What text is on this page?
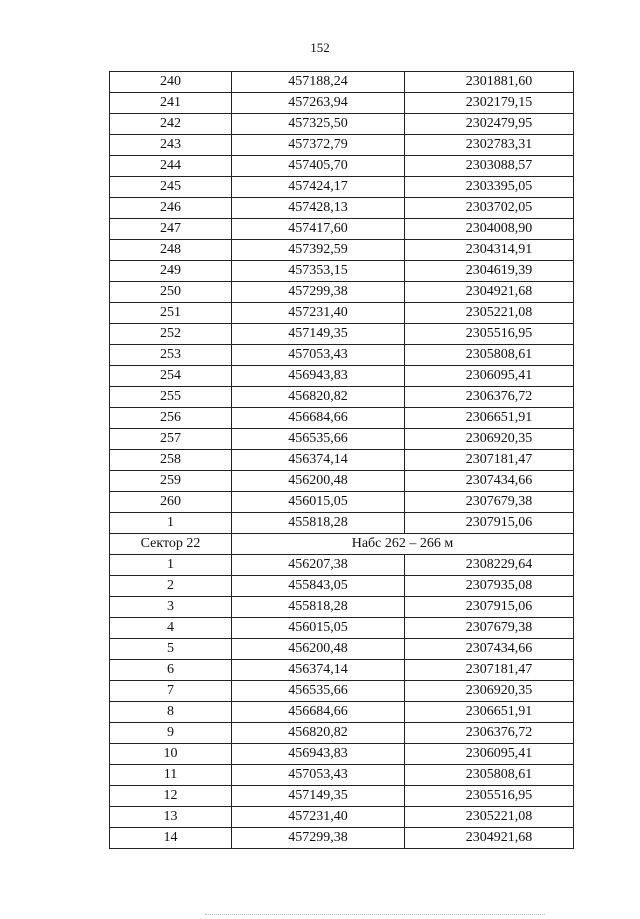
152
240	457188,24	2301881,60
241	457263,94	2302179,15
242	457325,50	2302479,95
243	457372,79	2302783,31
244	457405,70	2303088,57
245	457424,17	2303395,05
246	457428,13	2303702,05
247	457417,60	2304008,90
248	457392,59	2304314,91
249	457353,15	2304619,39
250	457299,38	2304921,68
251	457231,40	2305221,08
252	457149,35	2305516,95
253	457053,43	2305808,61
254	456943,83	2306095,41
255	456820,82	2306376,72
256	456684,66	2306651,91
257	456535,66	2306920,35
258	456374,14	2307181,47
259	456200,48	2307434,66
260	456015,05	2307679,38
1	455818,28	2307915,06
Сектор 22	Набс 262 – 266 м	
1	456207,38	2308229,64
2	455843,05	2307935,08
3	455818,28	2307915,06
4	456015,05	2307679,38
5	456200,48	2307434,66
6	456374,14	2307181,47
7	456535,66	2306920,35
8	456684,66	2306651,91
9	456820,82	2306376,72
10	456943,83	2306095,41
11	457053,43	2305808,61
12	457149,35	2305516,95
13	457231,40	2305221,08
14	457299,38	2304921,68
